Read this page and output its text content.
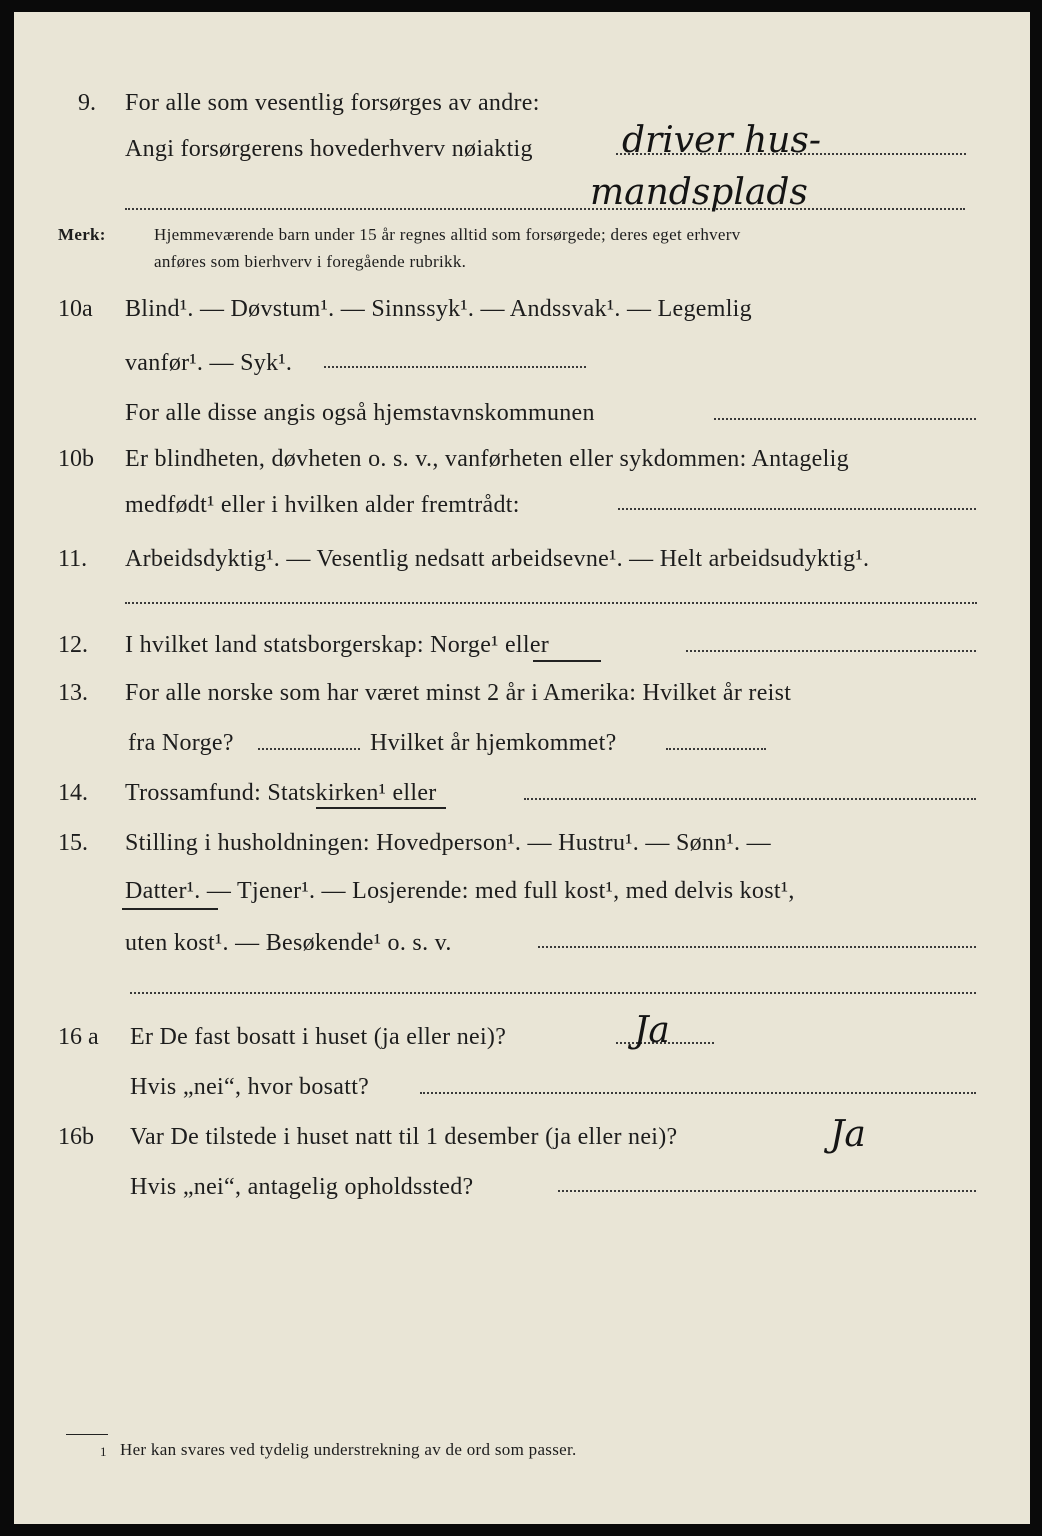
9. For alle som vesentlig forsørges av andre:
Angi forsørgerens hovederhverv nøiaktig driver hus-
mandsplads
Merk:	Hjemmeværende barn under 15 år regnes alltid som forsørgede; deres eget erhverv
anføres som bierhverv i foregående rubrikk.
10a Blind¹. — Døvstum¹. — Sinnssyk¹. — Andssvak¹. — Legemlig
vanfør¹. — Syk¹.
For alle disse angis også hjemstavnskommunen
10b Er blindheten, døvheten o. s. v., vanførheten eller sykdommen: Antagelig
medfødt¹ eller i hvilken alder fremtrådt:
11. Arbeidsdyktig¹. — Vesentlig nedsatt arbeidsevne¹. — Helt arbeidsudyktig¹.
12. I hvilket land statsborgerskap: Norge¹ eller
13. For alle norske som har været minst 2 år i Amerika: Hvilket år reist
fra Norge?	Hvilket år hjemkommet?
14. Trossamfund: Statskirken¹ eller
15. Stilling i husholdningen: Hovedperson¹. — Hustru¹. — Sønn¹. —
Datter¹. — Tjener¹. — Losjerende: med full kost¹, med delvis kost¹,
uten kost¹. — Besøkende¹ o. s. v.
16 a Er De fast bosatt i huset (ja eller nei)?	Ja
Hvis „nei“, hvor bosatt?
16b Var De tilstede i huset natt til 1 desember (ja eller nei)?	Ja
Hvis „nei“, antagelig opholdssted?
1 Her kan svares ved tydelig understrekning av de ord som passer.
